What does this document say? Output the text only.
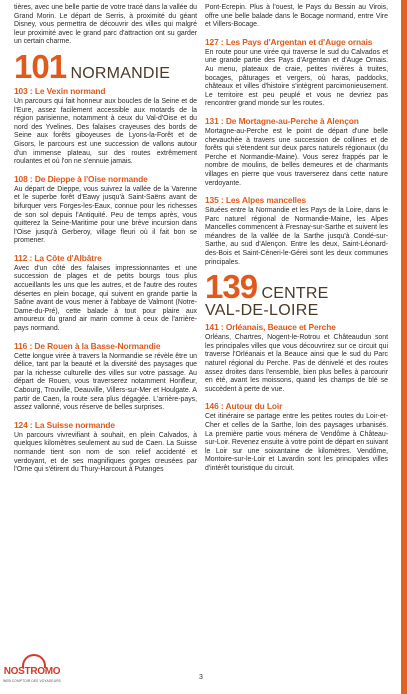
tières, avec une belle partie de votre tracé dans la vallée du Grand Morin. Le départ de Serris, à proximité du géant Disney, vous permettra de découvrir des villes qui malgré leur proximité avec le grand parc d'attraction ont su garder un certain charme.

101 NORMANDIE
103 : Le Vexin normand

Un parcours qui fait honneur aux boucles de la Seine et de l'Eure, assez facilement accessible aux motards de la région parisienne, notamment à ceux du Val-d'Oise et du nord des Yvelines. Des falaises crayeuses des bords de Seine aux forêts giboyeuses de Lyons-la-Forêt et de Gisors, le parcours est une succession de vallons autour d'un immense plateau, sur des routes extrêmement roulantes et où l'on ne s'ennuie jamais.

108 : De Dieppe à l'Oise normande

Au départ de Dieppe, vous suivrez la vallée de la Varenne et le superbe forêt d'Eawy jusqu'à Saint-Saëns avant de bifurquer vers Forges-les-Eaux, connue pour les richesses de son sol depuis l'Antiquité. Peu de temps après, vous quitterez la Seine-Maritime pour une brève incursion dans l'Oise jusqu'à Gerberoy, village fleuri où il fait bon se promener.

112 : La Côte d'Albâtre

Avec d'un côté des falaises impressionnantes et une succession de plages et de petits bourgs tous plus accueillants les uns que les autres, et de l'autre des routes désertes en plein bocage, qui suivent en grande partie la Saône avant de vous mener à l'abbaye de Valmont (Notre-Dame-du-Pré), cette balade à tout pour plaire aux amoureux du grand air marin comme à ceux de l'arrière-pays normand.

116 : De Rouen à la Basse-Normandie

Cette longue virée à travers la Normandie se révèle être un délice, tant par la beauté et la diversité des paysages que par la richesse culturelle des villes sur votre passage. Au départ de Rouen, vous traverserez notamment Honfleur, Cabourg, Trouville, Deauville, Villers-sur-Mer et Houlgate. A partir de Caen, la route sera plus dégagée. L'arrière-pays, assez vallonné, vous réserve de belles surprises.

124 : La Suisse normande

Un parcours vivrevifiant à souhait, en plein Calvados, à quelques kilomètres seulement au sud de Caen. La Suisse normande tient son nom de son relief accidenté et verdoyant, et de ses magnifiques gorges creusées par l'Orne qui s'étirent du Thury-Harcourt à Putanges

Pont-Ecrepin. Plus à l'ouest, le Pays du Bessin au Virois, offre une belle balade dans le Bocage normand, entre Vire et Villers-Bocage.

127 : Les Pays d'Argentan et d'Auge ornais

En route pour une virée qui traverse le sud du Calvados et une grande partie des Pays d'Argentan et d'Auge Ornais. Au menu, plateaux de craie, petites rivières à truites, bocages, pâturages et vergers, où haras, paddocks, châteaux et villes d'histoire s'intègrent parcimonieusement. Le territoire est peu peuplé et vous ne devriez pas rencontrer grand monde sur les routes.

131 : De Mortagne-au-Perche à Alençon

Mortagne-au-Perche est le point de départ d'une belle chevauchée à travers une succession de collines et de forêts qui s'étendent sur deux parcs naturels régionaux (du Perche et Normandie-Maine). Vous serez frappés par le nombre de moulins, de belles demeures et de charmants villages en pierre que vous traverserez dans cette nature verdoyante.

135 : Les Alpes mancelles

Situées entre la Normandie et les Pays de la Loire, dans le Parc naturel régional de Normandie-Maine, les Alpes Mancelles commencent à Fresnay-sur-Sarthe et suivent les méandres de la vallée de la Sarthe jusqu'à Condé-sur-Sarthe, au sud d'Alençon. Entre les deux, Saint-Léonard-des-Bois et Saint-Céneri-le-Gérei sont les deux communes principales.

139 CENTRE
VAL-DE-LOIRE
141 : Orléanais, Beauce et Perche

Orléans, Chartres, Nogent-le-Rotrou et Châteaudun sont les principales villes que vous découvrirez sur ce circuit qui traverse l'Orléanais et la Beauce ainsi que le sud du Parc naturel régional du Perche. Pas de dénivelé et des routes assez droites dans l'ensemble, bien plus belles à parcourir en été, avant les moissons, quand les champs de blé se succèdent à perte de vue.

146 : Autour du Loir

Cet itinéraire se partage entre les petites routes du Loir-et-Cher et celles de la Sarthe, loin des paysages urbanisés. La première partie vous ménera de Vendôme à Château-sur-Loir. Revenez ensuite à votre point de départ en suivant le Loir sur une soixantaine de kilomètres. Vendôme, Montoire-sur-le-Loir et Lavardin sont les principales villes d'intérêt touristique du circuit.

NOSTROMO
WEB COMPTOIR DES VOYAGEURS	3
